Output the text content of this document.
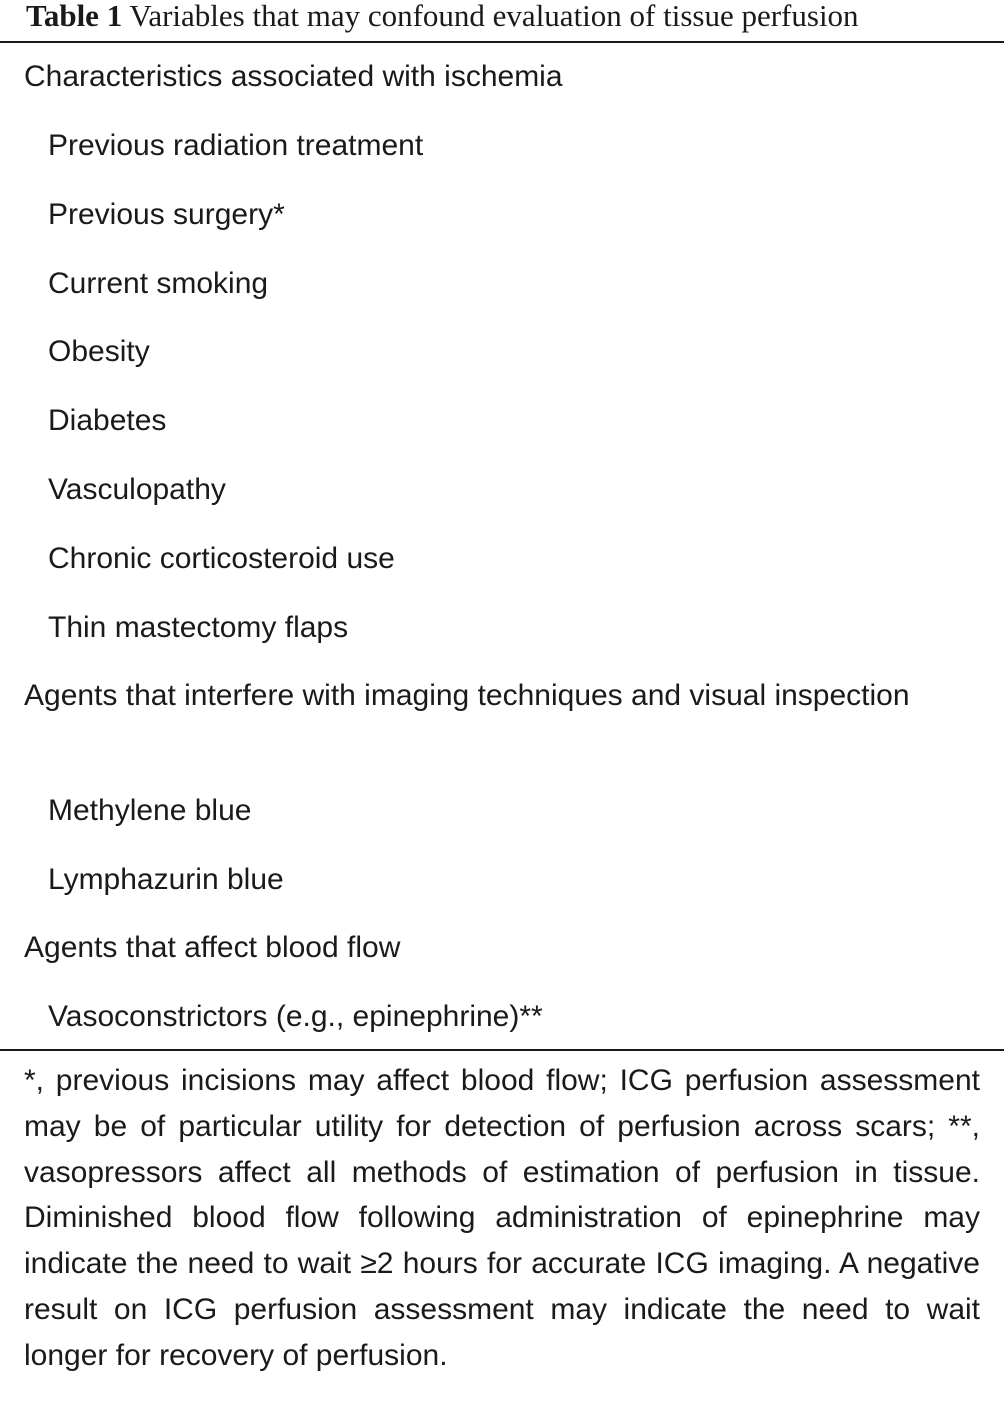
Table 1 Variables that may confound evaluation of tissue perfusion
Characteristics associated with ischemia
Previous radiation treatment
Previous surgery*
Current smoking
Obesity
Diabetes
Vasculopathy
Chronic corticosteroid use
Thin mastectomy flaps
Agents that interfere with imaging techniques and visual inspection
Methylene blue
Lymphazurin blue
Agents that affect blood flow
Vasoconstrictors (e.g., epinephrine)**
*, previous incisions may affect blood flow; ICG perfusion assessment may be of particular utility for detection of perfusion across scars; **, vasopressors affect all methods of estimation of perfusion in tissue. Diminished blood flow following administration of epinephrine may indicate the need to wait ≥2 hours for accurate ICG imaging. A negative result on ICG perfusion assessment may indicate the need to wait longer for recovery of perfusion.
